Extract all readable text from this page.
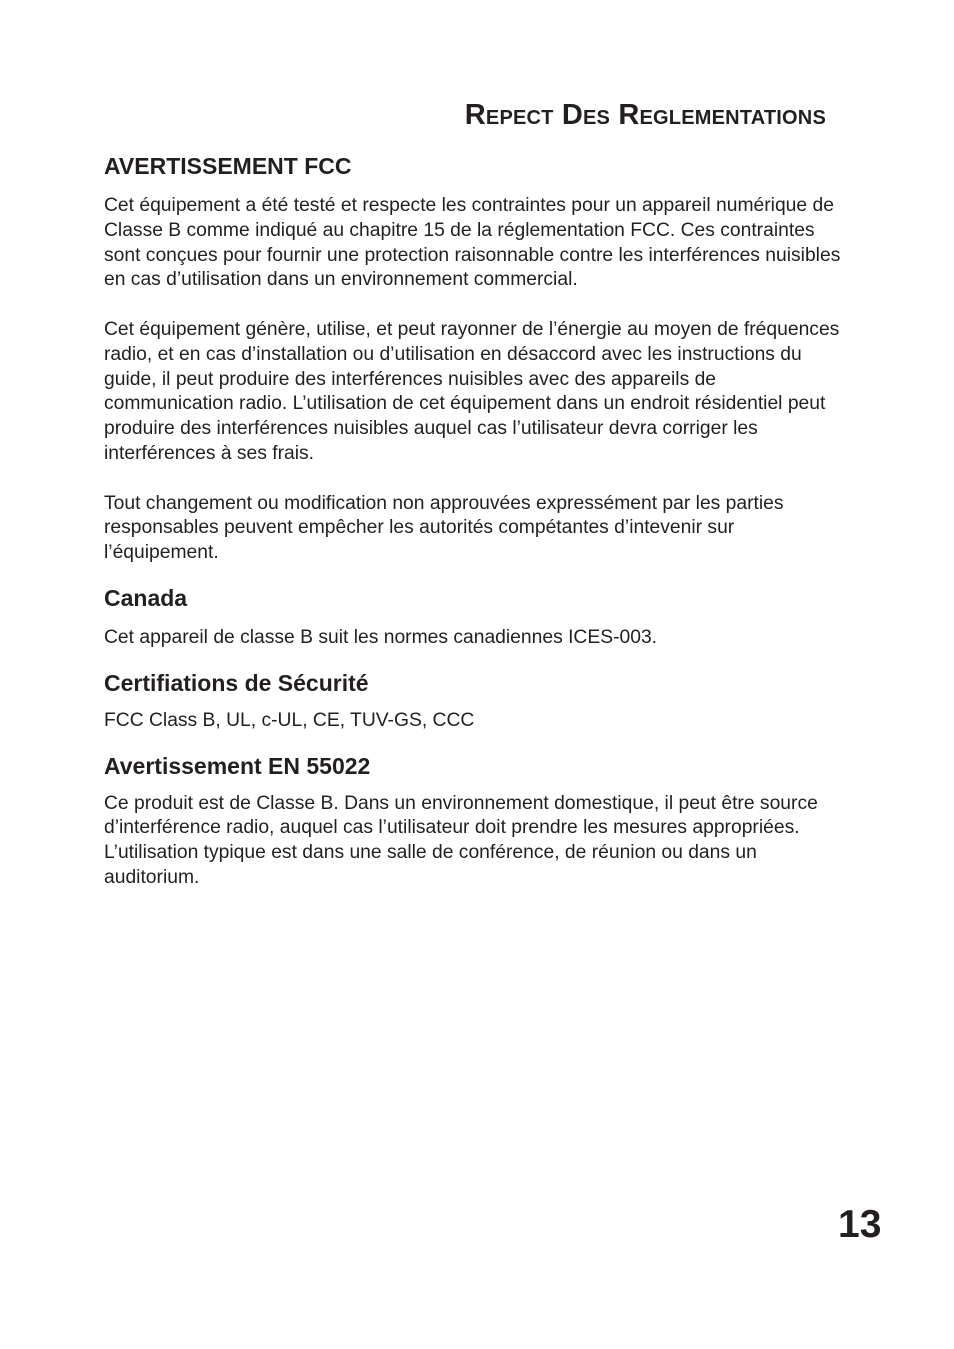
Repect Des Reglementations
AVERTISSEMENT FCC

Cet équipement a été testé et respecte les contraintes pour un appareil numérique de Classe B comme indiqué au chapitre 15 de la réglementation FCC. Ces contraintes sont conçues pour fournir une protection raisonnable contre les interférences nuisibles en cas d’utilisation dans un environnement commercial.

Cet équipement génère, utilise, et peut rayonner de l’énergie au moyen de fréquences radio, et en cas d’installation ou d’utilisation en désaccord avec les instructions du guide, il peut produire des interférences nuisibles avec des appareils de communication radio. L’utilisation de cet équipement dans un endroit résidentiel peut produire des interférences nuisibles auquel cas l’utilisateur devra corriger les interférences à ses frais.

Tout changement ou modification non approuvées expressément par les parties responsables peuvent empêcher les autorités compétantes d’intevenir sur l’équipement.

Canada

Cet appareil de classe B suit les normes canadiennes ICES-003.

Certifiations de Sécurité

FCC Class B, UL, c-UL, CE, TUV-GS, CCC

Avertissement EN 55022

Ce produit est de Classe B. Dans un environnement domestique, il peut être source d’interférence radio, auquel cas l’utilisateur doit prendre les mesures appropriées. L’utilisation typique est dans une salle de conférence, de réunion ou dans un auditorium.

13
